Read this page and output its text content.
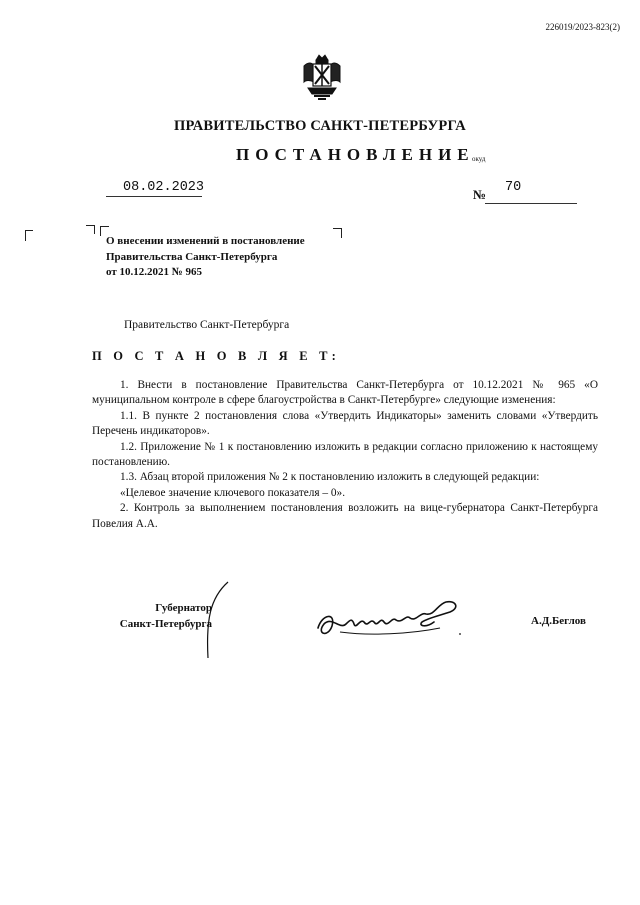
226019/2023-823(2)
ПРАВИТЕЛЬСТВО САНКТ-ПЕТЕРБУРГА
ПОСТАНОВЛЕНИЕ
окуд
08.02.2023	№ 70
О внесении изменений в постановление
Правительства Санкт-Петербурга
от 10.12.2021 № 965
Правительство Санкт-Петербурга
П О С Т А Н О В Л Я Е Т:

1. Внести в постановление Правительства Санкт-Петербурга от 10.12.2021 № 965 «О муниципальном контроле в сфере благоустройства в Санкт-Петербурге» следующие изменения:

1.1. В пункте 2 постановления слова «Утвердить Индикаторы» заменить словами «Утвердить Перечень индикаторов».

1.2. Приложение № 1 к постановлению изложить в редакции согласно приложению к настоящему постановлению.

1.3. Абзац второй приложения № 2 к постановлению изложить в следующей редакции:

«Целевое значение ключевого показателя – 0».

2. Контроль за выполнением постановления возложить на вице-губернатора Санкт-Петербурга Повелия А.А.

Губернатор
Санкт-Петербурга	А.Д.Беглов
